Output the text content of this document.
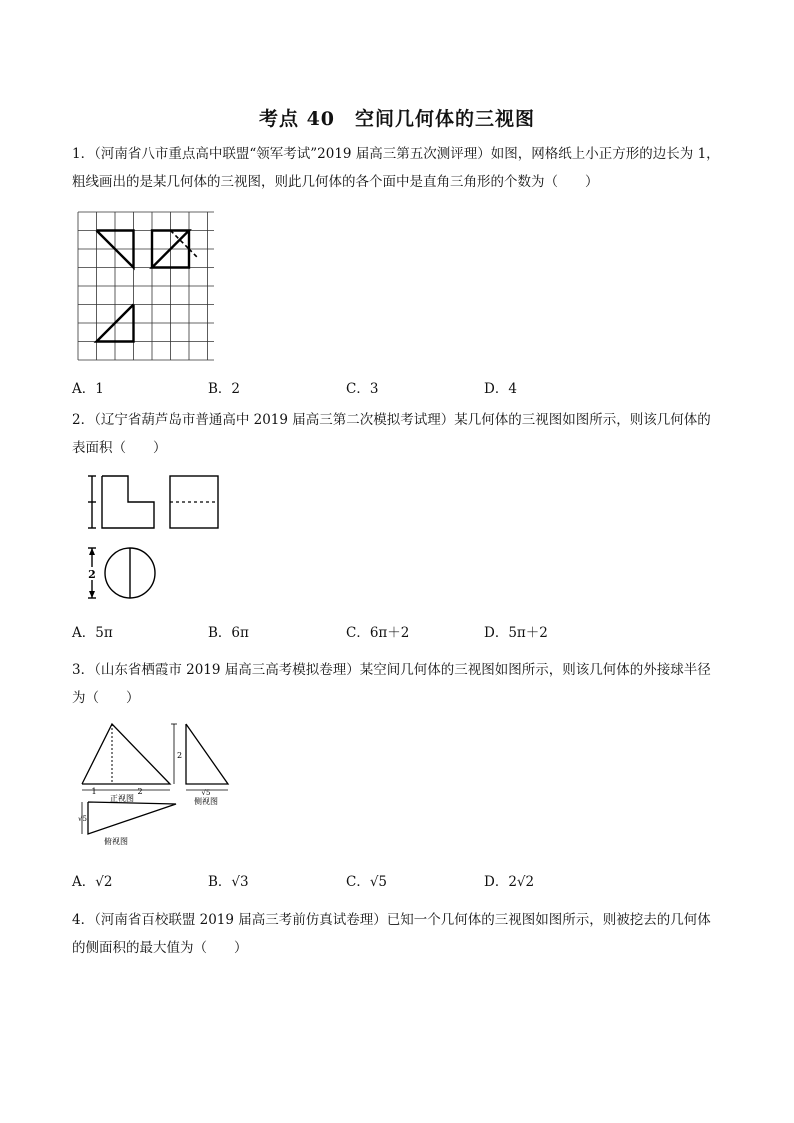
考点 40　空间几何体的三视图
1．（河南省八市重点高中联盟“领军考试”2019 届高三第五次测评理）如图，网格纸上小正方形的边长为 1，
粗线画出的是某几何体的三视图，则此几何体的各个面中是直角三角形的个数为（　　）
A．1	B．2	C．3	D．4
2．（辽宁省葫芦岛市普通高中 2019 届高三第二次模拟考试理）某几何体的三视图如图所示，则该几何体的
表面积（　　）
2
A．5π	B．6π	C．6π＋2	D．5π＋2
3．（山东省栖霞市 2019 届高三高考模拟卷理）某空间几何体的三视图如图所示，则该几何体的外接球半径
为（　　）
1	2
2
√5
√5
正视图	侧视图
俯视图
A．√2	B．√3	C．√5	D．2√2
4．（河南省百校联盟 2019 届高三考前仿真试卷理）已知一个几何体的三视图如图所示，则被挖去的几何体
的侧面积的最大值为（　　）
